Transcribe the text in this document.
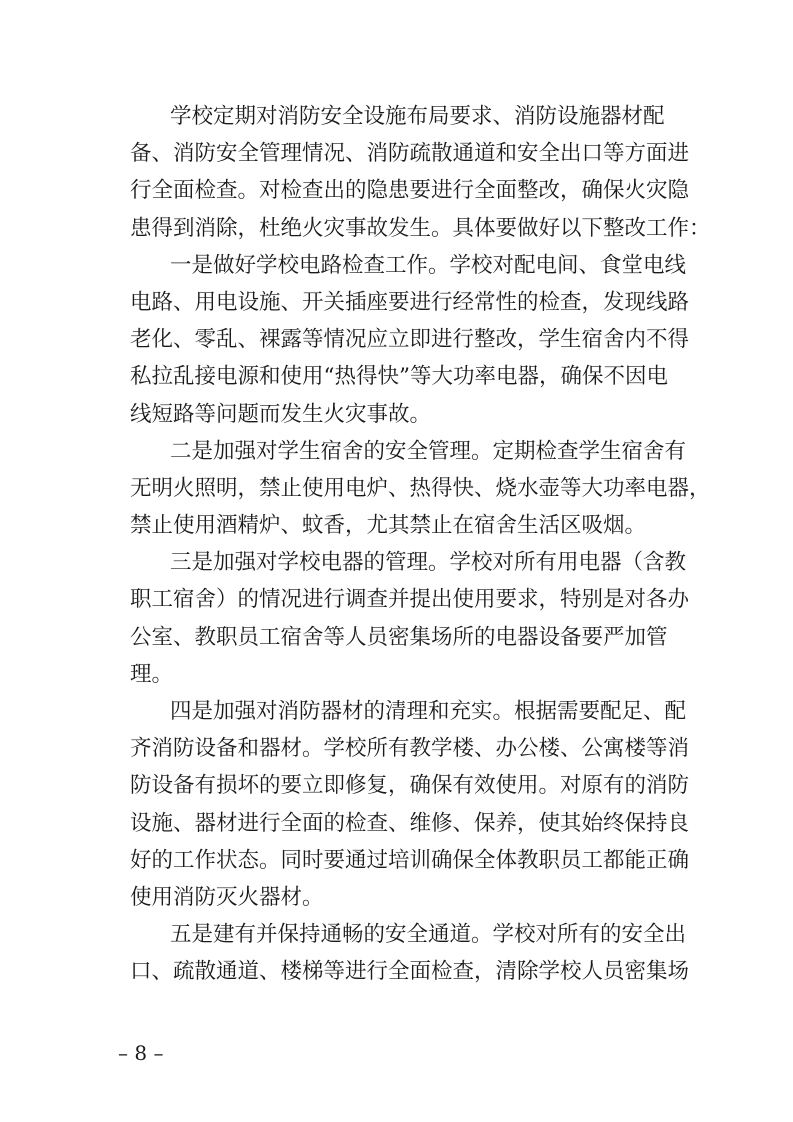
学校定期对消防安全设施布局要求、消防设施器材配
备、消防安全管理情况、消防疏散通道和安全出口等方面进
行全面检查。对检查出的隐患要进行全面整改，确保火灾隐
患得到消除，杜绝火灾事故发生。具体要做好以下整改工作：
一是做好学校电路检查工作。学校对配电间、食堂电线
电路、用电设施、开关插座要进行经常性的检查，发现线路
老化、零乱、裸露等情况应立即进行整改，学生宿舍内不得
私拉乱接电源和使用“热得快”等大功率电器，确保不因电
线短路等问题而发生火灾事故。
二是加强对学生宿舍的安全管理。定期检查学生宿舍有
无明火照明，禁止使用电炉、热得快、烧水壶等大功率电器，
禁止使用酒精炉、蚊香，尤其禁止在宿舍生活区吸烟。
三是加强对学校电器的管理。学校对所有用电器（含教
职工宿舍）的情况进行调查并提出使用要求，特别是对各办
公室、教职员工宿舍等人员密集场所的电器设备要严加管
理。
四是加强对消防器材的清理和充实。根据需要配足、配
齐消防设备和器材。学校所有教学楼、办公楼、公寓楼等消
防设备有损坏的要立即修复，确保有效使用。对原有的消防
设施、器材进行全面的检查、维修、保养，使其始终保持良
好的工作状态。同时要通过培训确保全体教职员工都能正确
使用消防灭火器材。
五是建有并保持通畅的安全通道。学校对所有的安全出
口、疏散通道、楼梯等进行全面检查，清除学校人员密集场
– 8 –
